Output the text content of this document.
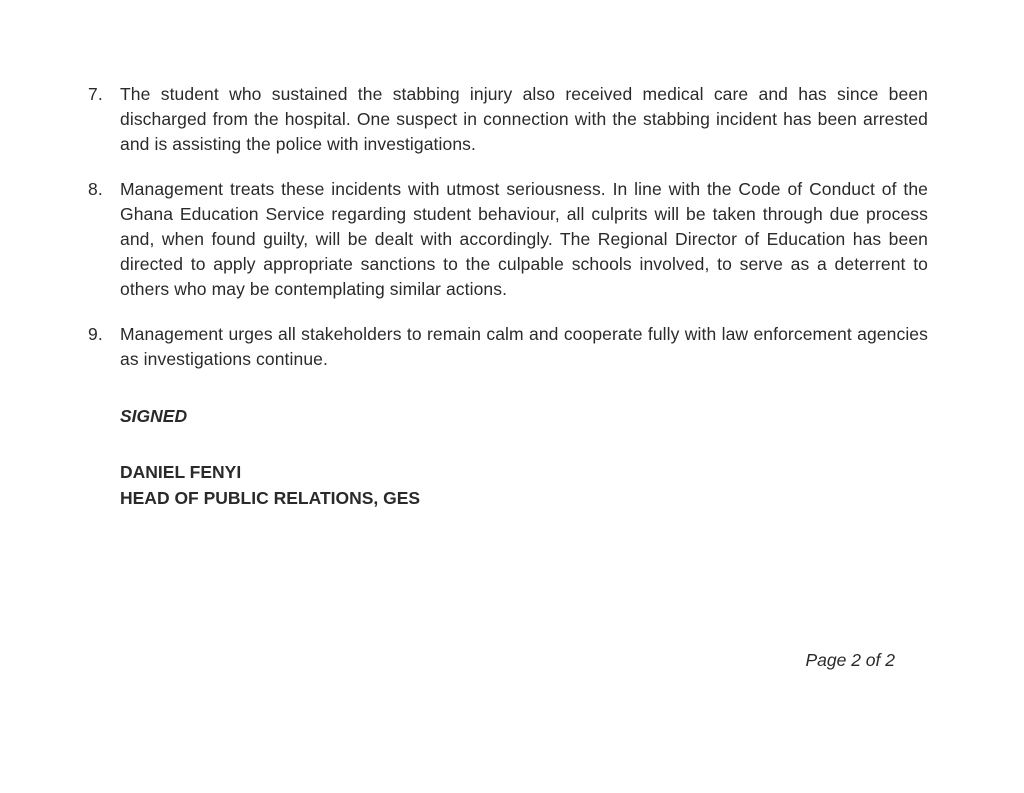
7. The student who sustained the stabbing injury also received medical care and has since been discharged from the hospital. One suspect in connection with the stabbing incident has been arrested and is assisting the police with investigations.
8. Management treats these incidents with utmost seriousness. In line with the Code of Conduct of the Ghana Education Service regarding student behaviour, all culprits will be taken through due process and, when found guilty, will be dealt with accordingly. The Regional Director of Education has been directed to apply appropriate sanctions to the culpable schools involved, to serve as a deterrent to others who may be contemplating similar actions.
9. Management urges all stakeholders to remain calm and cooperate fully with law enforcement agencies as investigations continue.
SIGNED
DANIEL FENYI
HEAD OF PUBLIC RELATIONS, GES
Page 2 of 2
